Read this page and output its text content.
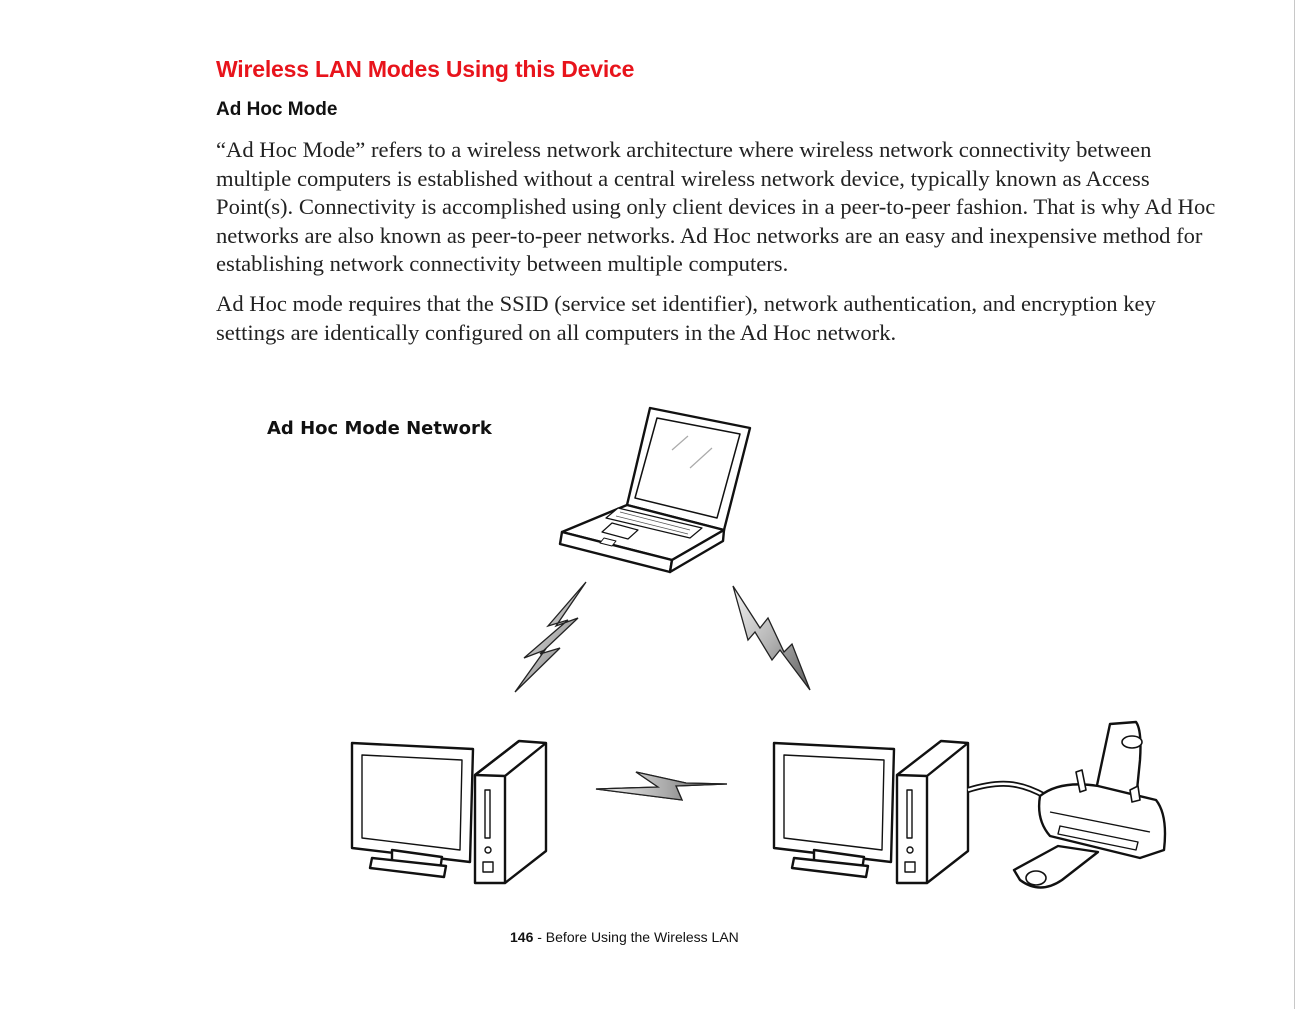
Wireless LAN Modes Using this Device
Ad Hoc Mode

“Ad Hoc Mode” refers to a wireless network architecture where wireless network connectivity between multiple computers is established without a central wireless network device, typically known as Access Point(s). Connectivity is accomplished using only client devices in a peer-to-peer fashion. That is why Ad Hoc networks are also known as peer-to-peer networks. Ad Hoc networks are an easy and inexpensive method for establishing network connectivity between multiple computers.

Ad Hoc mode requires that the SSID (service set identifier), network authentication, and encryption key settings are identically configured on all computers in the Ad Hoc network.

Ad Hoc Mode Network

146 - Before Using the Wireless LAN
